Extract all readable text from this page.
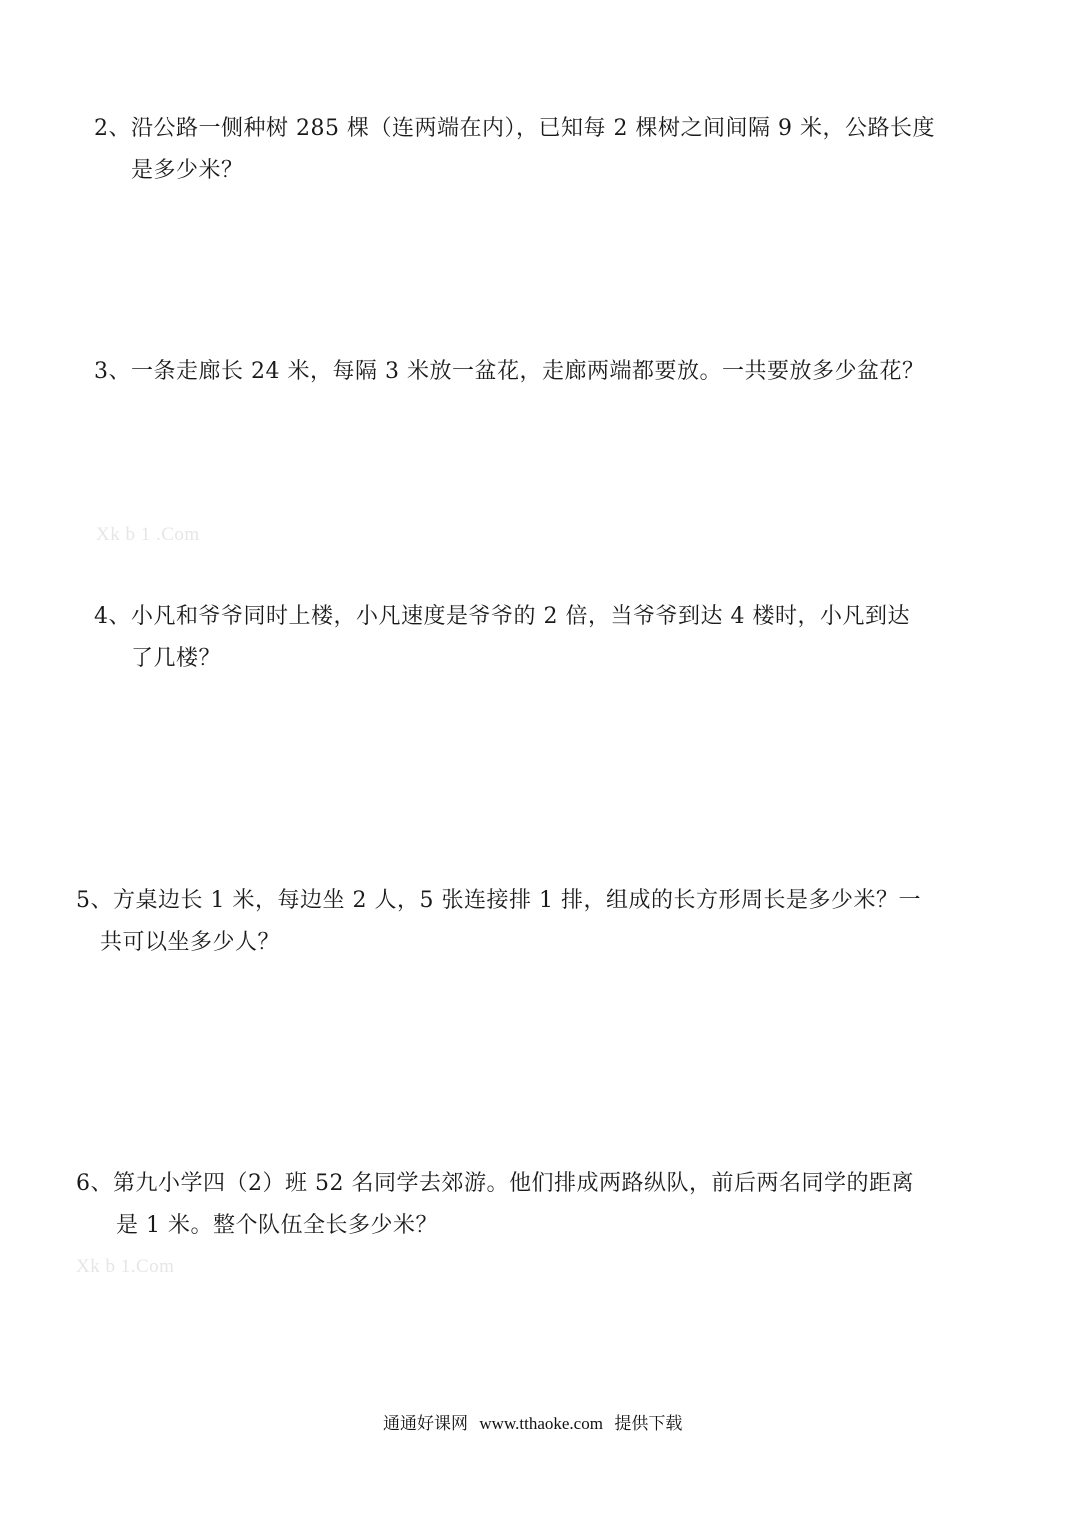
2、沿公路一侧种树 285 棵（连两端在内），已知每 2 棵树之间间隔 9 米，公路长度
是多少米？
3、一条走廊长 24 米，每隔 3 米放一盆花，走廊两端都要放。一共要放多少盆花？
Xk b 1 .Com
4、小凡和爷爷同时上楼，小凡速度是爷爷的 2 倍，当爷爷到达 4 楼时，小凡到达
了几楼？
5、方桌边长 1 米，每边坐 2 人，5 张连接排 1 排，组成的长方形周长是多少米？一
共可以坐多少人？
6、第九小学四（2）班 52 名同学去郊游。他们排成两路纵队，前后两名同学的距离
是 1 米。整个队伍全长多少米？
Xk b 1.Com
通通好课网 www.tthaoke.com 提供下载
